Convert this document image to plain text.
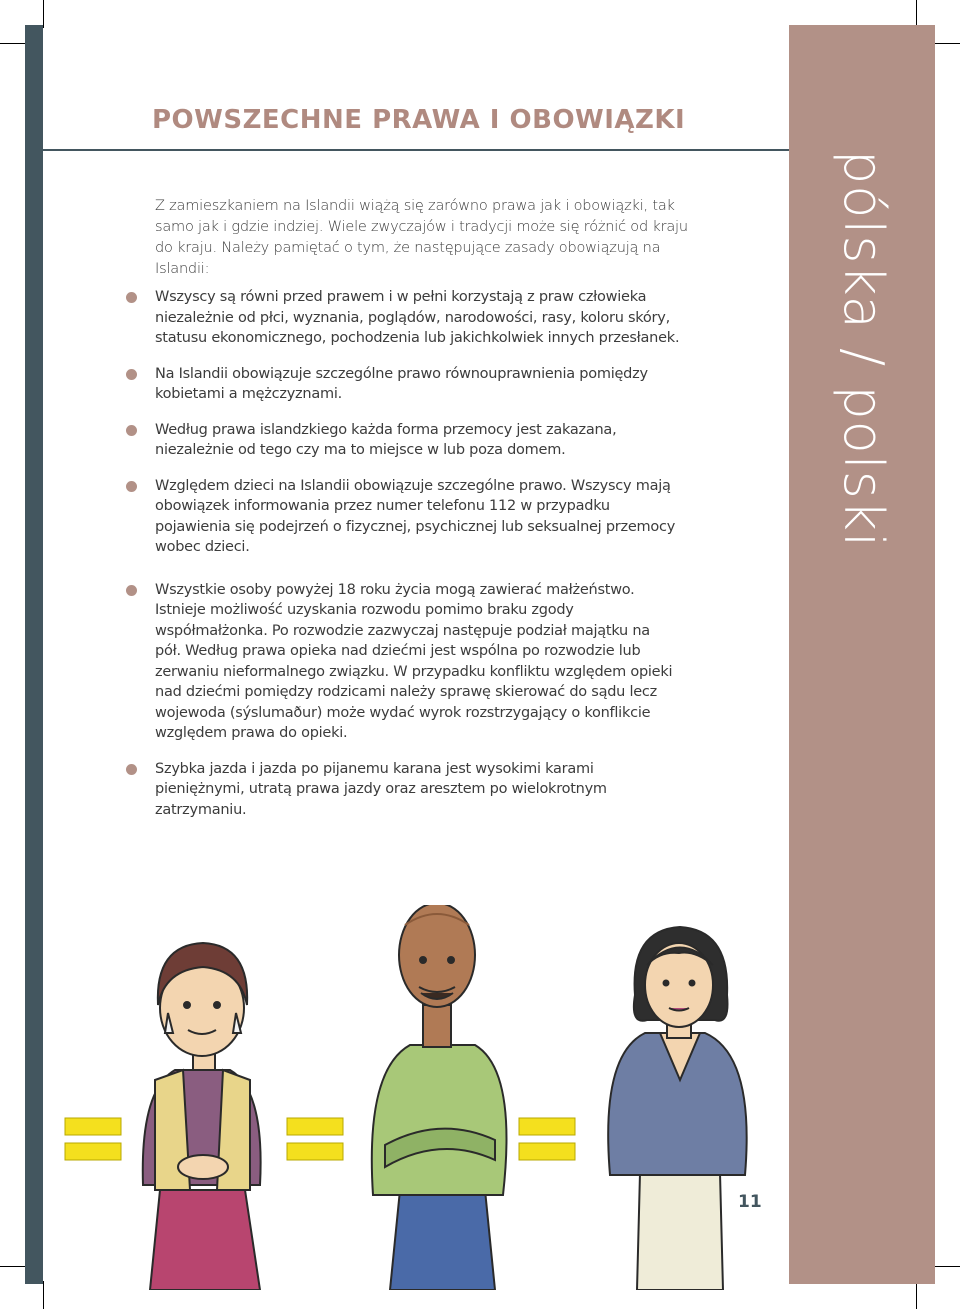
pólska / polski
POWSZECHNE PRAWA I OBOWIĄZKI

Z zamieszkaniem na Islandii wiążą się zarówno prawa jak i obowiązki, tak samo jak i gdzie indziej. Wiele zwyczajów i tradycji może się różnić od kraju do kraju. Należy pamiętać o tym, że następujące zasady obowiązują na Islandii:

Wszyscy są równi przed prawem i w pełni korzystają z praw człowieka niezależnie od płci, wyznania, poglądów, narodowości, rasy, koloru skóry, statusu ekonomicznego, pochodzenia lub jakichkolwiek innych przesłanek.
Na Islandii obowiązuje szczególne prawo równouprawnienia pomiędzy kobietami a mężczyznami.
Według prawa islandzkiego każda forma przemocy jest zakazana, niezależnie od tego czy ma to miejsce w lub poza domem.
Względem dzieci na Islandii obowiązuje szczególne prawo. Wszyscy mają obowiązek informowania przez numer telefonu 112 w przypadku pojawienia się podejrzeń o fizycznej, psychicznej lub seksualnej przemocy wobec dzieci.
Wszystkie osoby powyżej 18 roku życia mogą zawierać małżeństwo. Istnieje możliwość uzyskania rozwodu pomimo braku zgody współmałżonka. Po rozwodzie zazwyczaj następuje podział majątku na pół. Według prawa opieka nad dziećmi jest wspólna po rozwodzie lub zerwaniu nieformalnego związku. W przypadku konfliktu względem opieki nad dziećmi pomiędzy rodzicami należy sprawę skierować do sądu lecz wojewoda (sýslumaður) może wydać wyrok rozstrzygający o konflikcie względem prawa do opieki.
Szybka jazda i jazda po pijanemu karana jest wysokimi karami pieniężnymi, utratą prawa jazdy oraz aresztem po wielokrotnym zatrzymaniu.
11
